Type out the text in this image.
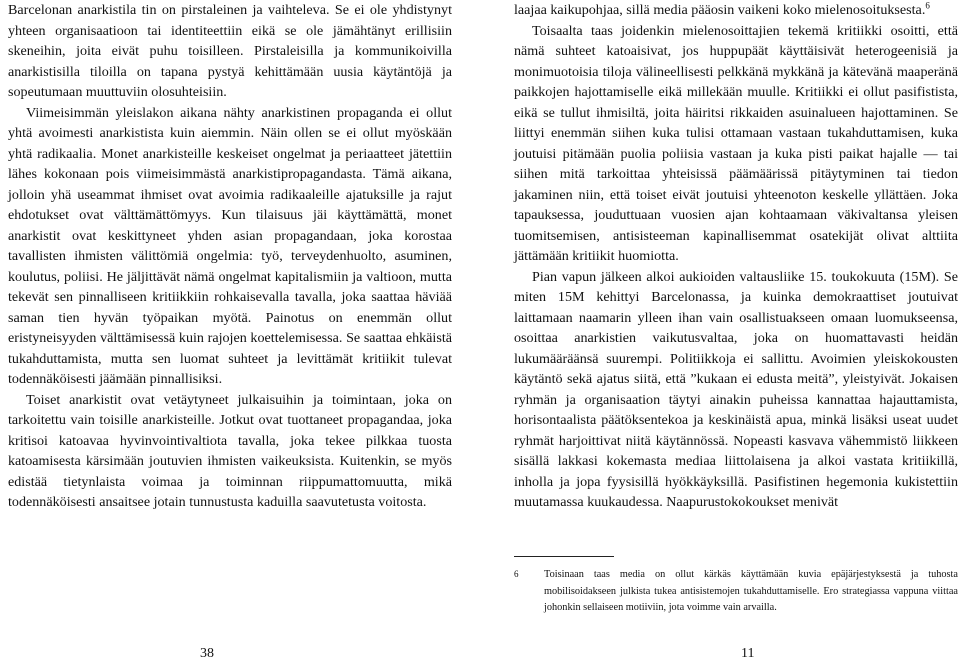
Barcelonan anarkistila tin on pirstaleinen ja vaihteleva. Se ei ole yhdistynyt yhteen organisaatioon tai identiteettiin eikä se ole jämähtänyt erillisiin skeneihin, joita eivät puhu toisilleen. Pirstaleisilla ja kommunikoivilla anarkistisilla tiloilla on tapana pystyä kehittämään uusia käytäntöjä ja sopeutumaan muuttuviin olosuhteisiin.

Viimeisimmän yleislakon aikana nähty anarkistinen propaganda ei ollut yhtä avoimesti anarkistista kuin aiemmin. Näin ollen se ei ollut myöskään yhtä radikaalia. Monet anarkisteille keskeiset ongelmat ja periaatteet jätettiin lähes kokonaan pois viimeisimmästä anarkistipropagandasta. Tämä aikana, jolloin yhä useammat ihmiset ovat avoimia radikaaleille ajatuksille ja rajut ehdotukset ovat välttämättömyys. Kun tilaisuus jäi käyttämättä, monet anarkistit ovat keskittyneet yhden asian propagandaan, joka korostaa tavallisten ihmisten välittömiä ongelmia: työ, terveydenhuolto, asuminen, koulutus, poliisi. He jäljittävät nämä ongelmat kapitalismiin ja valtioon, mutta tekevät sen pinnalliseen kritiikkiin rohkaisevalla tavalla, joka saattaa häviää saman tien hyvän työpaikan myötä. Painotus on enemmän ollut eristyneisyyden välttämisessä kuin rajojen koettelemisessa. Se saattaa ehkäistä tukahduttamista, mutta sen luomat suhteet ja levittämät kritiikit tulevat todennäköisesti jäämään pinnallisiksi.

Toiset anarkistit ovat vetäytyneet julkaisuihin ja toimintaan, joka on tarkoitettu vain toisille anarkisteille. Jotkut ovat tuottaneet propagandaa, joka kritisoi katoavaa hyvinvointivaltiota tavalla, joka tekee pilkkaa tuosta katoamisesta kärsimään joutuvien ihmisten vaikeuksista. Kuitenkin, se myös edistää tietynlaista voimaa ja toiminnan riippumattomuutta, mikä todennäköisesti ansaitsee jotain tunnustusta kaduilla saavutetusta voitosta.

laajaa kaikupohjaa, sillä media pääosin vaikeni koko mielenosoituksesta.$^6$

Toisaalta taas joidenkin mielenosoittajien tekemä kritiikki osoitti, että nämä suhteet katoaisivat, jos huppupäät käyttäisivät heterogeenisiä ja monimuotoisia tiloja välineellisesti pelkkänä mykkänä ja kätevänä maaperänä paikkojen hajottamiselle eikä millekään muulle. Kritiikki ei ollut pasifistista, eikä se tullut ihmisiltä, joita häiritsi rikkaiden asuinalueen hajottaminen. Se liittyi enemmän siihen kuka tulisi ottamaan vastaan tukahduttamisen, kuka joutuisi pitämään puolia poliisia vastaan ja kuka pisti paikat hajalle — tai siihen mitä tarkoittaa yhteisissä päämäärissä pitäytyminen tai tiedon jakaminen niin, että toiset eivät joutuisi yhteenoton keskelle yllättäen. Joka tapauksessa, jouduttuaan vuosien ajan kohtaamaan väkivaltansa yleisen tuomitsemisen, antisisteeman kapinallisemmat osatekijät olivat alttiita jättämään kritiikit huomiotta.

Pian vapun jälkeen alkoi aukioiden valtausliike 15. toukokuuta (15M). Se miten 15M kehittyi Barcelonassa, ja kuinka demokraattiset joutuivat laittamaan naamarin ylleen ihan vain osallistuakseen omaan luomukseensa, osoittaa anarkistien vaikutusvaltaa, joka on huomattavasti heidän lukumääräänsä suurempi. Politiikkoja ei sallittu. Avoimien yleiskokousten käytäntö sekä ajatus siitä, että ”kukaan ei edusta meitä”, yleistyivät. Jokaisen ryhmän ja organisaation täytyi ainakin puheissa kannattaa hajauttamista, horisontaalista päätöksentekoa ja keskinäistä apua, minkä lisäksi useat uudet ryhmät harjoittivat niitä käytännössä. Nopeasti kasvava vähemmistö liikkeen sisällä lakkasi kokemasta mediaa liittolaisena ja alkoi vastata kritiikillä, inholla ja jopa fyysisillä hyökkäyksillä. Pasifistinen hegemonia kukistettiin muutamassa kuukaudessa. Naapurustokokoukset menivät

6 Toisinaan taas media on ollut kärkäs käyttämään kuvia epäjärjestyksestä ja tuhosta mobilisoidakseen julkista tukea antisistemojen tukahduttamiselle. Ero strategiassa vappuna viittaa johonkin sellaiseen motiiviin, jota voimme vain arvailla.

38	11
